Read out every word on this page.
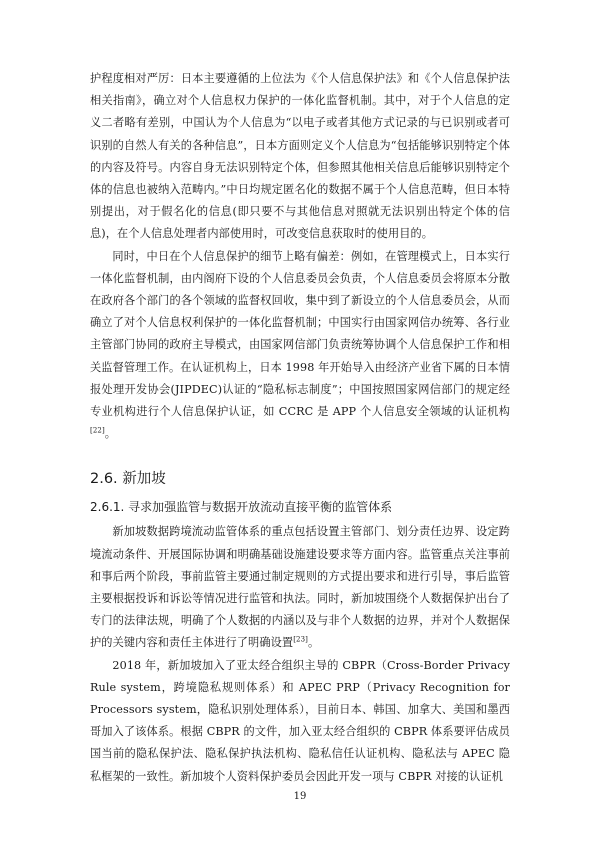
护程度相对严厉：日本主要遵循的上位法为《个人信息保护法》和《个人信息保护法相关指南》，确立对个人信息权力保护的一体化监督机制。其中，对于个人信息的定义二者略有差别，中国认为个人信息为“以电子或者其他方式记录的与已识别或者可识别的自然人有关的各种信息”，日本方面则定义个人信息为“包括能够识别特定个体的内容及符号。内容自身无法识别特定个体，但参照其他相关信息后能够识别特定个体的信息也被纳入范畴内。”中日均规定匿名化的数据不属于个人信息范畴，但日本特别提出，对于假名化的信息(即只要不与其他信息对照就无法识别出特定个体的信息)，在个人信息处理者内部使用时，可改变信息获取时的使用目的。

同时，中日在个人信息保护的细节上略有偏差：例如，在管理模式上，日本实行一体化监督机制，由内阁府下设的个人信息委员会负责，个人信息委员会将原本分散在政府各个部门的各个领域的监督权回收，集中到了新设立的个人信息委员会，从而确立了对个人信息权利保护的一体化监督机制；中国实行由国家网信办统筹、各行业主管部门协同的政府主导模式，由国家网信部门负责统筹协调个人信息保护工作和相关监督管理工作。在认证机构上，日本 1998 年开始导入由经济产业省下属的日本情报处理开发协会(JIPDEC)认证的“隐私标志制度”；中国按照国家网信部门的规定经专业机构进行个人信息保护认证，如 CCRC 是 APP 个人信息安全领域的认证机构[22]。

2.6. 新加坡
2.6.1. 寻求加强监管与数据开放流动直接平衡的监管体系

新加坡数据跨境流动监管体系的重点包括设置主管部门、划分责任边界、设定跨境流动条件、开展国际协调和明确基础设施建设要求等方面内容。监管重点关注事前和事后两个阶段，事前监管主要通过制定规则的方式提出要求和进行引导，事后监管主要根据投诉和诉讼等情况进行监管和执法。同时，新加坡围绕个人数据保护出台了专门的法律法规，明确了个人数据的内涵以及与非个人数据的边界，并对个人数据保护的关键内容和责任主体进行了明确设置[23]。

2018 年，新加坡加入了亚太经合组织主导的 CBPR（Cross-Border Privacy Rule system，跨境隐私规则体系）和 APEC PRP（Privacy Recognition for Processors system，隐私识别处理体系），目前日本、韩国、加拿大、美国和墨西哥加入了该体系。根据 CBPR 的文件，加入亚太经合组织的 CBPR 体系要评估成员国当前的隐私保护法、隐私保护执法机构、隐私信任认证机构、隐私法与 APEC 隐私框架的一致性。新加坡个人资料保护委员会因此开发一项与 CBPR 对接的认证机

19
